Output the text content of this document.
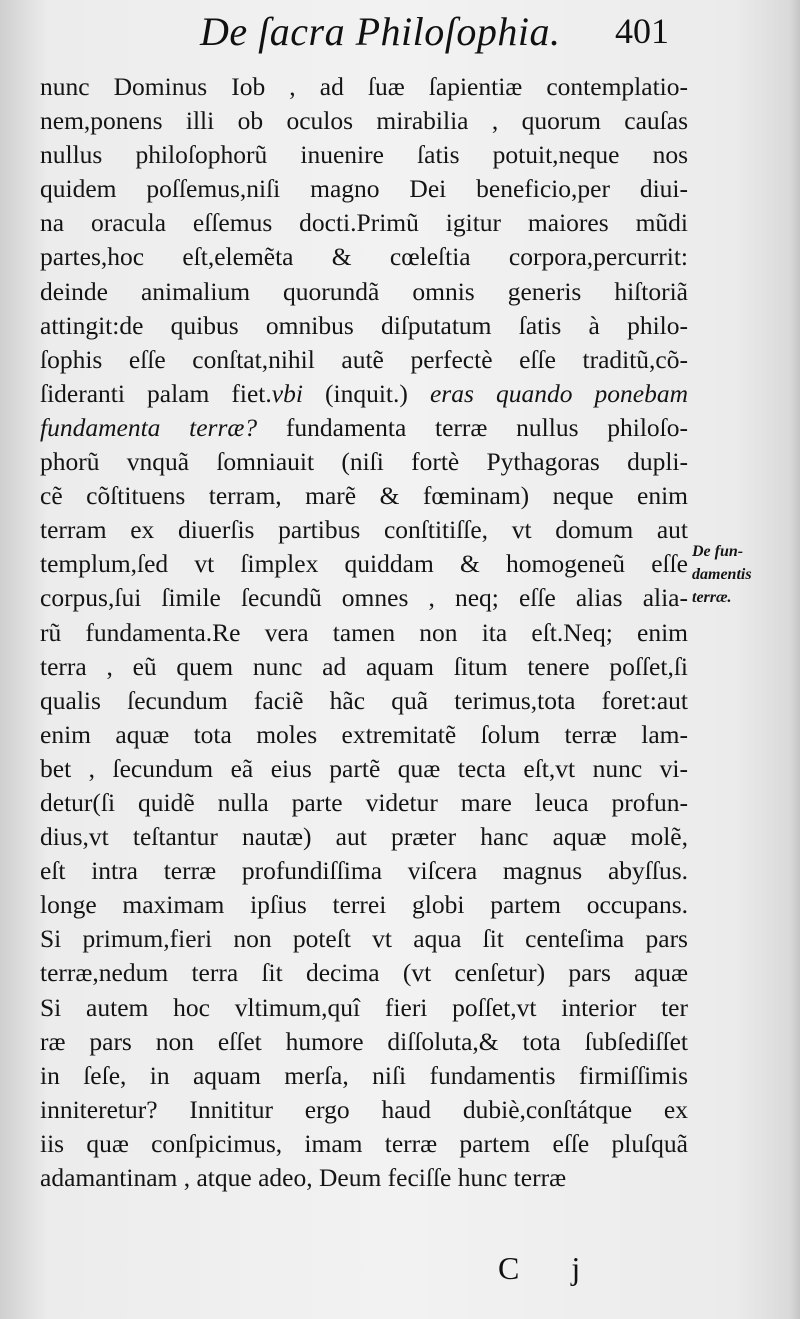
De ſacra Philoſophia. 401
nunc Dominus Iob , ad ſuæ ſapientiæ contemplatio-
nem,ponens illi ob oculos mirabilia , quorum cauſas
nullus philoſophorũ inuenire ſatis potuit,neque nos
quidem poſſemus,niſi magno Dei beneficio,per diui-
na oracula eſſemus docti.Primũ igitur maiores mũdi
partes,hoc eſt,elemẽta & cœleſtia corpora,percurrit:
deinde animalium quorundã omnis generis hiſtoriã
attingit:de quibus omnibus diſputatum ſatis à philo-
ſophis eſſe conſtat,nihil autẽ perfectè eſſe traditũ,cõ-
ſideranti palam fiet.vbi (inquit.) eras quando ponebam
fundamenta terræ? fundamenta terræ nullus philoſo-
phorũ vnquã ſomniauit (niſi fortè Pythagoras dupli-
cẽ cõſtituens terram, marẽ & fœminam) neque enim
terram ex diuerſis partibus conſtitiſſe, vt domum aut
templum,ſed vt ſimplex quiddam & homogeneũ eſſe
corpus,ſui ſimile ſecundũ omnes , neq; eſſe alias alia-
rũ fundamenta.Re vera tamen non ita eſt.Neq; enim
terra , eũ quem nunc ad aquam ſitum tenere poſſet,ſi
qualis ſecundum faciẽ hãc quã terimus,tota foret:aut
enim aquæ tota moles extremitatẽ ſolum terræ lam-
bet , ſecundum eã eius partẽ quæ tecta eſt,vt nunc vi-
detur(ſi quidẽ nulla parte videtur mare leuca profun-
dius,vt teſtantur nautæ) aut præter hanc aquæ molẽ,
eſt intra terræ profundiſſima viſcera magnus abyſſus.
longe maximam ipſius terrei globi partem occupans.
Si primum,fieri non poteſt vt aqua ſit centeſima pars
terræ,nedum terra ſit decima (vt cenſetur) pars aquæ
Si autem hoc vltimum,quî fieri poſſet,vt interior ter
ræ pars non eſſet humore diſſoluta,& tota ſubſediſſet
in ſeſe, in aquam merſa, niſi fundamentis firmiſſimis
inniteretur? Innititur ergo haud dubiè,conſtátque ex
iis quæ conſpicimus, imam terræ partem eſſe pluſquã
adamantinam , atque adeo, Deum feciſſe hunc terræ
De fun-
damentis
terræ.
C j
